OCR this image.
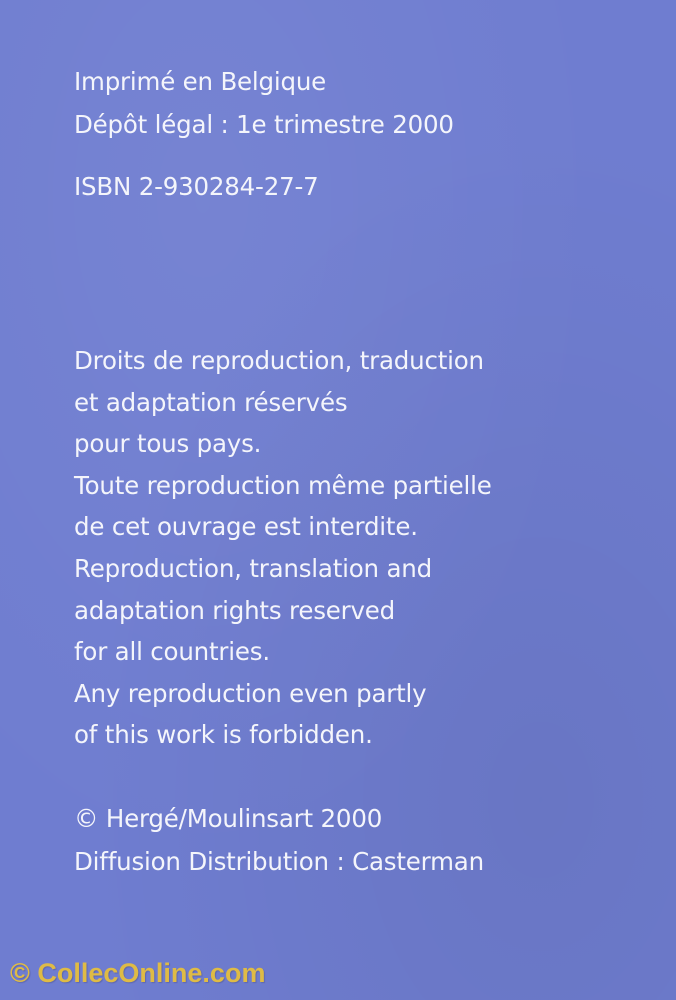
Imprimé en Belgique
Dépôt légal : 1e trimestre 2000
ISBN 2-930284-27-7
Droits de reproduction, traduction
et adaptation réservés
pour tous pays.
Toute reproduction même partielle
de cet ouvrage est interdite.
Reproduction, translation and
adaptation rights reserved
for all countries.
Any reproduction even partly
of this work is forbidden.
© Hergé/Moulinsart 2000
Diffusion Distribution : Casterman
© CollecOnline.com
